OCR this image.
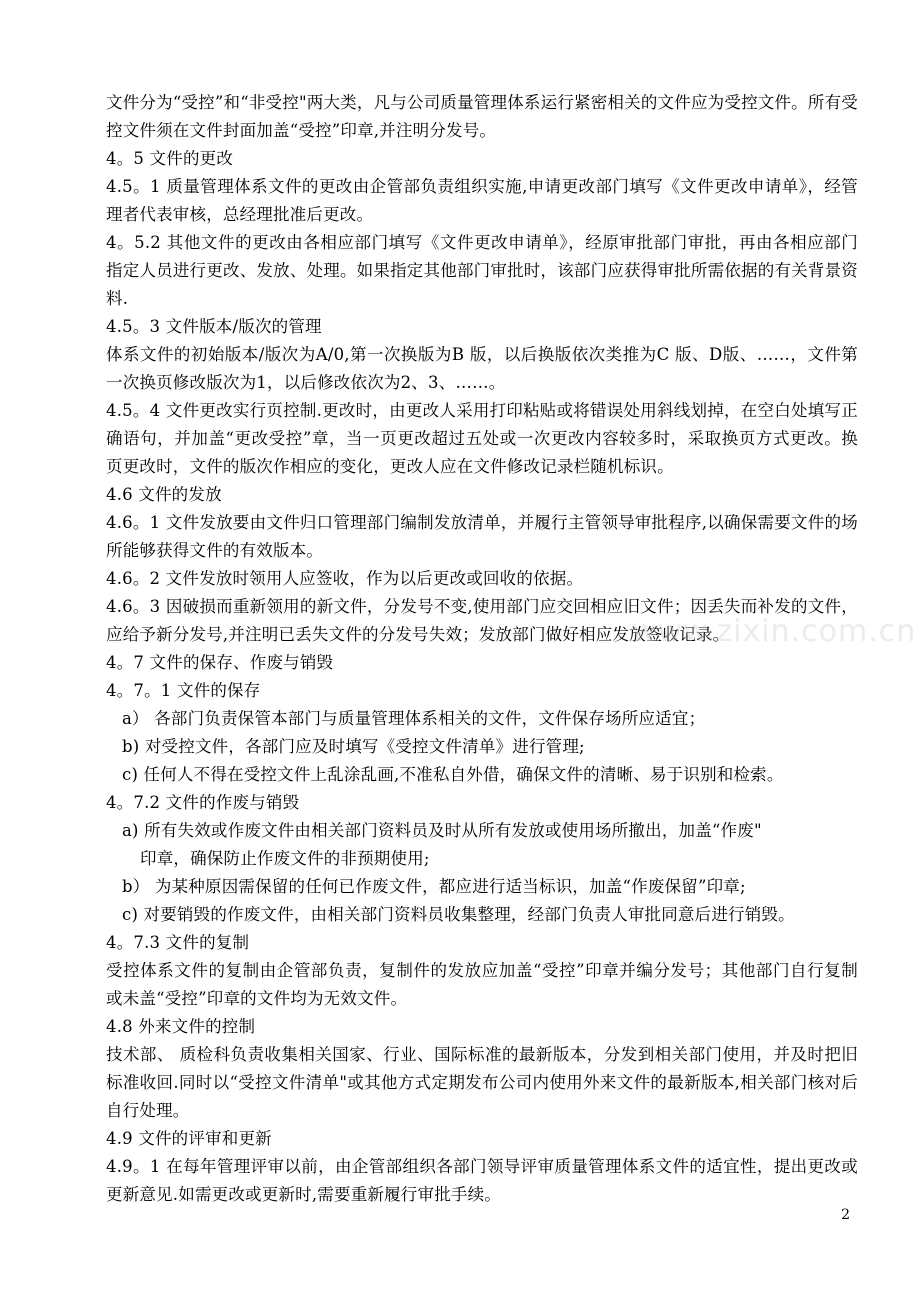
文件分为“受控”和“非受控"两大类，凡与公司质量管理体系运行紧密相关的文件应为受控文件。所有受控文件须在文件封面加盖“受控”印章,并注明分发号。

4。5 文件的更改

4.5。1 质量管理体系文件的更改由企管部负责组织实施,申请更改部门填写《文件更改申请单》，经管理者代表审核，总经理批准后更改。

4。5.2 其他文件的更改由各相应部门填写《文件更改申请单》，经原审批部门审批，再由各相应部门指定人员进行更改、发放、处理。如果指定其他部门审批时，该部门应获得审批所需依据的有关背景资料.

4.5。3 文件版本/版次的管理

体系文件的初始版本/版次为A/0,第一次换版为B 版，以后换版依次类推为C 版、D版、……，文件第一次换页修改版次为1，以后修改依次为2、3、……。

4.5。4 文件更改实行页控制.更改时，由更改人采用打印粘贴或将错误处用斜线划掉，在空白处填写正确语句，并加盖“更改受控”章，当一页更改超过五处或一次更改内容较多时，采取换页方式更改。换页更改时，文件的版次作相应的变化，更改人应在文件修改记录栏随机标识。

4.6 文件的发放

4.6。1 文件发放要由文件归口管理部门编制发放清单，并履行主管领导审批程序,以确保需要文件的场所能够获得文件的有效版本。

4.6。2 文件发放时领用人应签收，作为以后更改或回收的依据。

4.6。3 因破损而重新领用的新文件，分发号不变,使用部门应交回相应旧文件；因丢失而补发的文件，应给予新分发号,并注明已丢失文件的分发号失效；发放部门做好相应发放签收记录。

4。7 文件的保存、作废与销毁

4。7。1 文件的保存

a） 各部门负责保管本部门与质量管理体系相关的文件，文件保存场所应适宜；

b) 对受控文件，各部门应及时填写《受控文件清单》进行管理;

c) 任何人不得在受控文件上乱涂乱画,不准私自外借，确保文件的清晰、易于识别和检索。

4。7.2 文件的作废与销毁

a) 所有失效或作废文件由相关部门资料员及时从所有发放或使用场所撤出，加盖“作废"

印章，确保防止作废文件的非预期使用;

b） 为某种原因需保留的任何已作废文件，都应进行适当标识，加盖“作废保留”印章;

c) 对要销毁的作废文件，由相关部门资料员收集整理，经部门负责人审批同意后进行销毁。

4。7.3 文件的复制

受控体系文件的复制由企管部负责，复制件的发放应加盖“受控”印章并编分发号；其他部门自行复制或未盖“受控”印章的文件均为无效文件。

4.8 外来文件的控制

技术部、 质检科负责收集相关国家、行业、国际标准的最新版本，分发到相关部门使用，并及时把旧标准收回.同时以“受控文件清单"或其他方式定期发布公司内使用外来文件的最新版本,相关部门核对后自行处理。

4.9 文件的评审和更新

4.9。1 在每年管理评审以前，由企管部组织各部门领导评审质量管理体系文件的适宜性，提出更改或更新意见.如需更改或更新时,需要重新履行审批手续。

www.zixin.com.cn
2
